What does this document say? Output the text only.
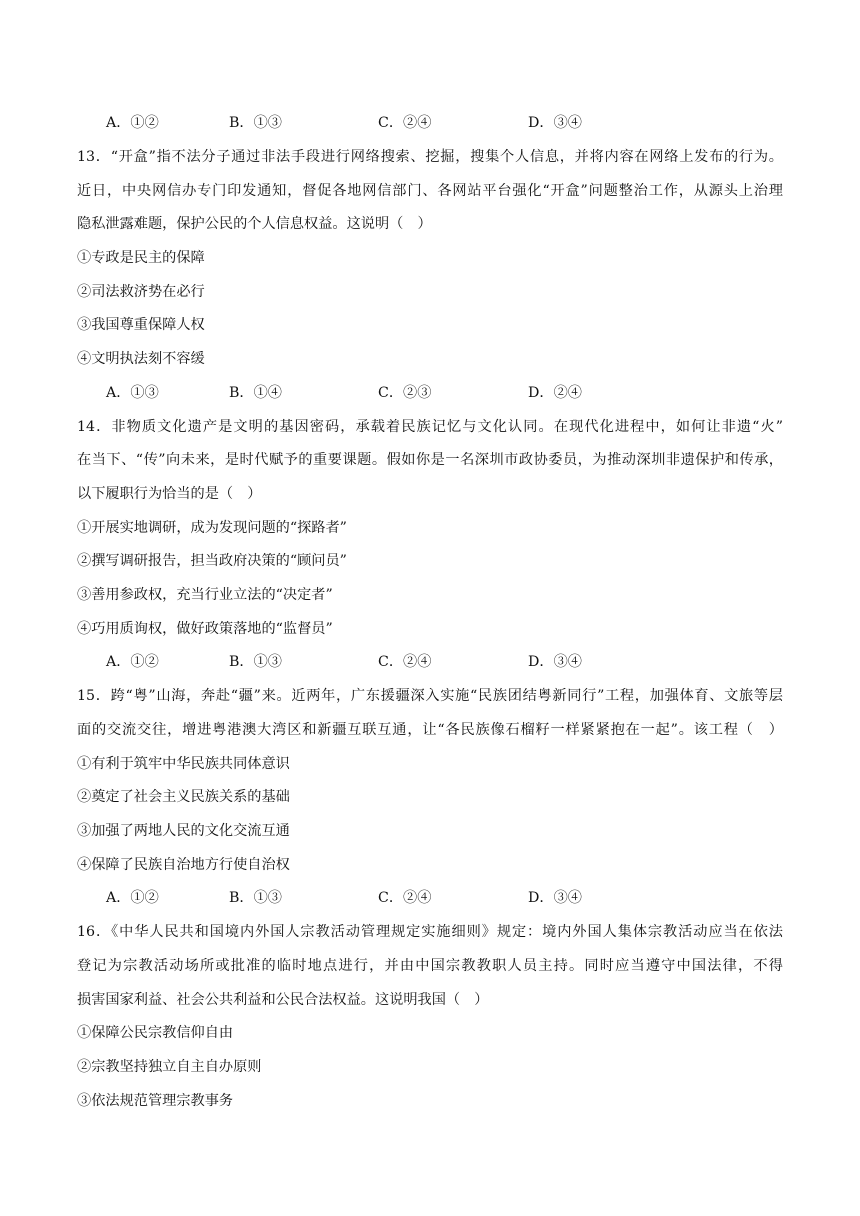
A．①②	B．①③	C．②④	D．③④
13．“开盒”指不法分子通过非法手段进行网络搜索、挖掘，搜集个人信息，并将内容在网络上发布的行为。
近日，中央网信办专门印发通知，督促各地网信部门、各网站平台强化“开盒”问题整治工作，从源头上治理
隐私泄露难题，保护公民的个人信息权益。这说明（　）
①专政是民主的保障
②司法救济势在必行
③我国尊重保障人权
④文明执法刻不容缓
A．①③	B．①④	C．②③	D．②④
14．非物质文化遗产是文明的基因密码，承载着民族记忆与文化认同。在现代化进程中，如何让非遗“火”
在当下、“传”向未来，是时代赋予的重要课题。假如你是一名深圳市政协委员，为推动深圳非遗保护和传承，
以下履职行为恰当的是（　）
①开展实地调研，成为发现问题的“探路者”
②撰写调研报告，担当政府决策的“顾问员”
③善用参政权，充当行业立法的“决定者”
④巧用质询权，做好政策落地的“监督员”
A．①②	B．①③	C．②④	D．③④
15．跨“粤”山海，奔赴“疆”来。近两年，广东援疆深入实施“民族团结粤新同行”工程，加强体育、文旅等层
面的交流交往，增进粤港澳大湾区和新疆互联互通，让“各民族像石榴籽一样紧紧抱在一起”。该工程（　）
①有利于筑牢中华民族共同体意识
②奠定了社会主义民族关系的基础
③加强了两地人民的文化交流互通
④保障了民族自治地方行使自治权
A．①②	B．①③	C．②④	D．③④
16．《中华人民共和国境内外国人宗教活动管理规定实施细则》规定：境内外国人集体宗教活动应当在依法
登记为宗教活动场所或批准的临时地点进行，并由中国宗教教职人员主持。同时应当遵守中国法律，不得
损害国家利益、社会公共利益和公民合法权益。这说明我国（　）
①保障公民宗教信仰自由
②宗教坚持独立自主自办原则
③依法规范管理宗教事务
